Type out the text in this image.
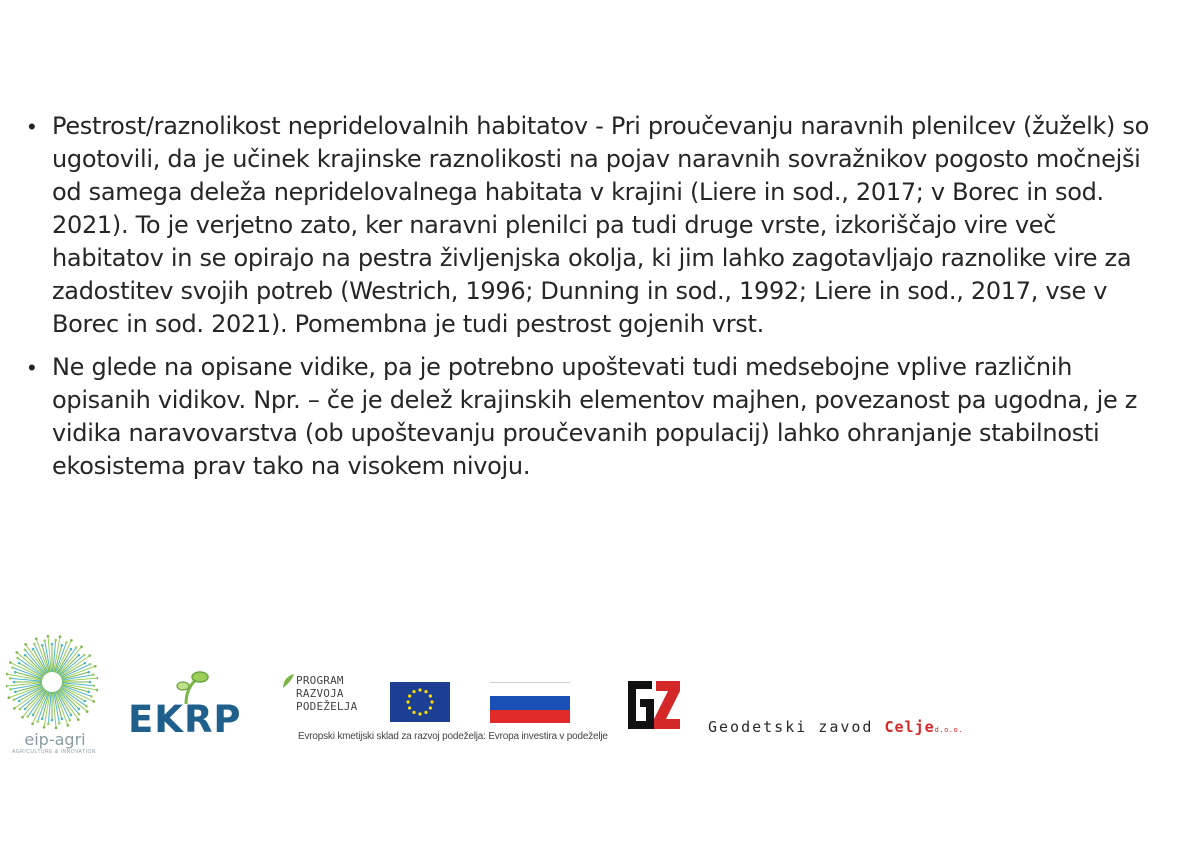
• Pestrost/raznolikost nepridelovalnih habitatov - Pri proučevanju naravnih plenilcev (žuželk) so ugotovili, da je učinek krajinske raznolikosti na pojav naravnih sovražnikov pogosto močnejši od samega deleža nepridelovalnega habitata v krajini (Liere in sod., 2017; v Borec in sod. 2021). To je verjetno zato, ker naravni plenilci pa tudi druge vrste, izkoriščajo vire več habitatov in se opirajo na pestra življenjska okolja, ki jim lahko zagotavljajo raznolike vire za zadostitev svojih potreb (Westrich, 1996; Dunning in sod., 1992; Liere in sod., 2017, vse v Borec in sod. 2021). Pomembna je tudi pestrost gojenih vrst.
• Ne glede na opisane vidike, pa je potrebno upoštevati tudi medsebojne vplive različnih opisanih vidikov. Npr. – če je delež krajinskih elementov majhen, povezanost pa ugodna, je z vidika naravovarstva (ob upoštevanju proučevanih populacij) lahko ohranjanje stabilnosti ekosistema prav tako na visokem nivoju.
eip-agri
AGRICULTURE & INNOVATION
EKRP
PROGRAM
RAZVOJA
PODEŽELJA
Evropski kmetijski sklad za razvoj podeželja: Evropa investira v podeželje
Geodetski zavod Celjed.o.o.
